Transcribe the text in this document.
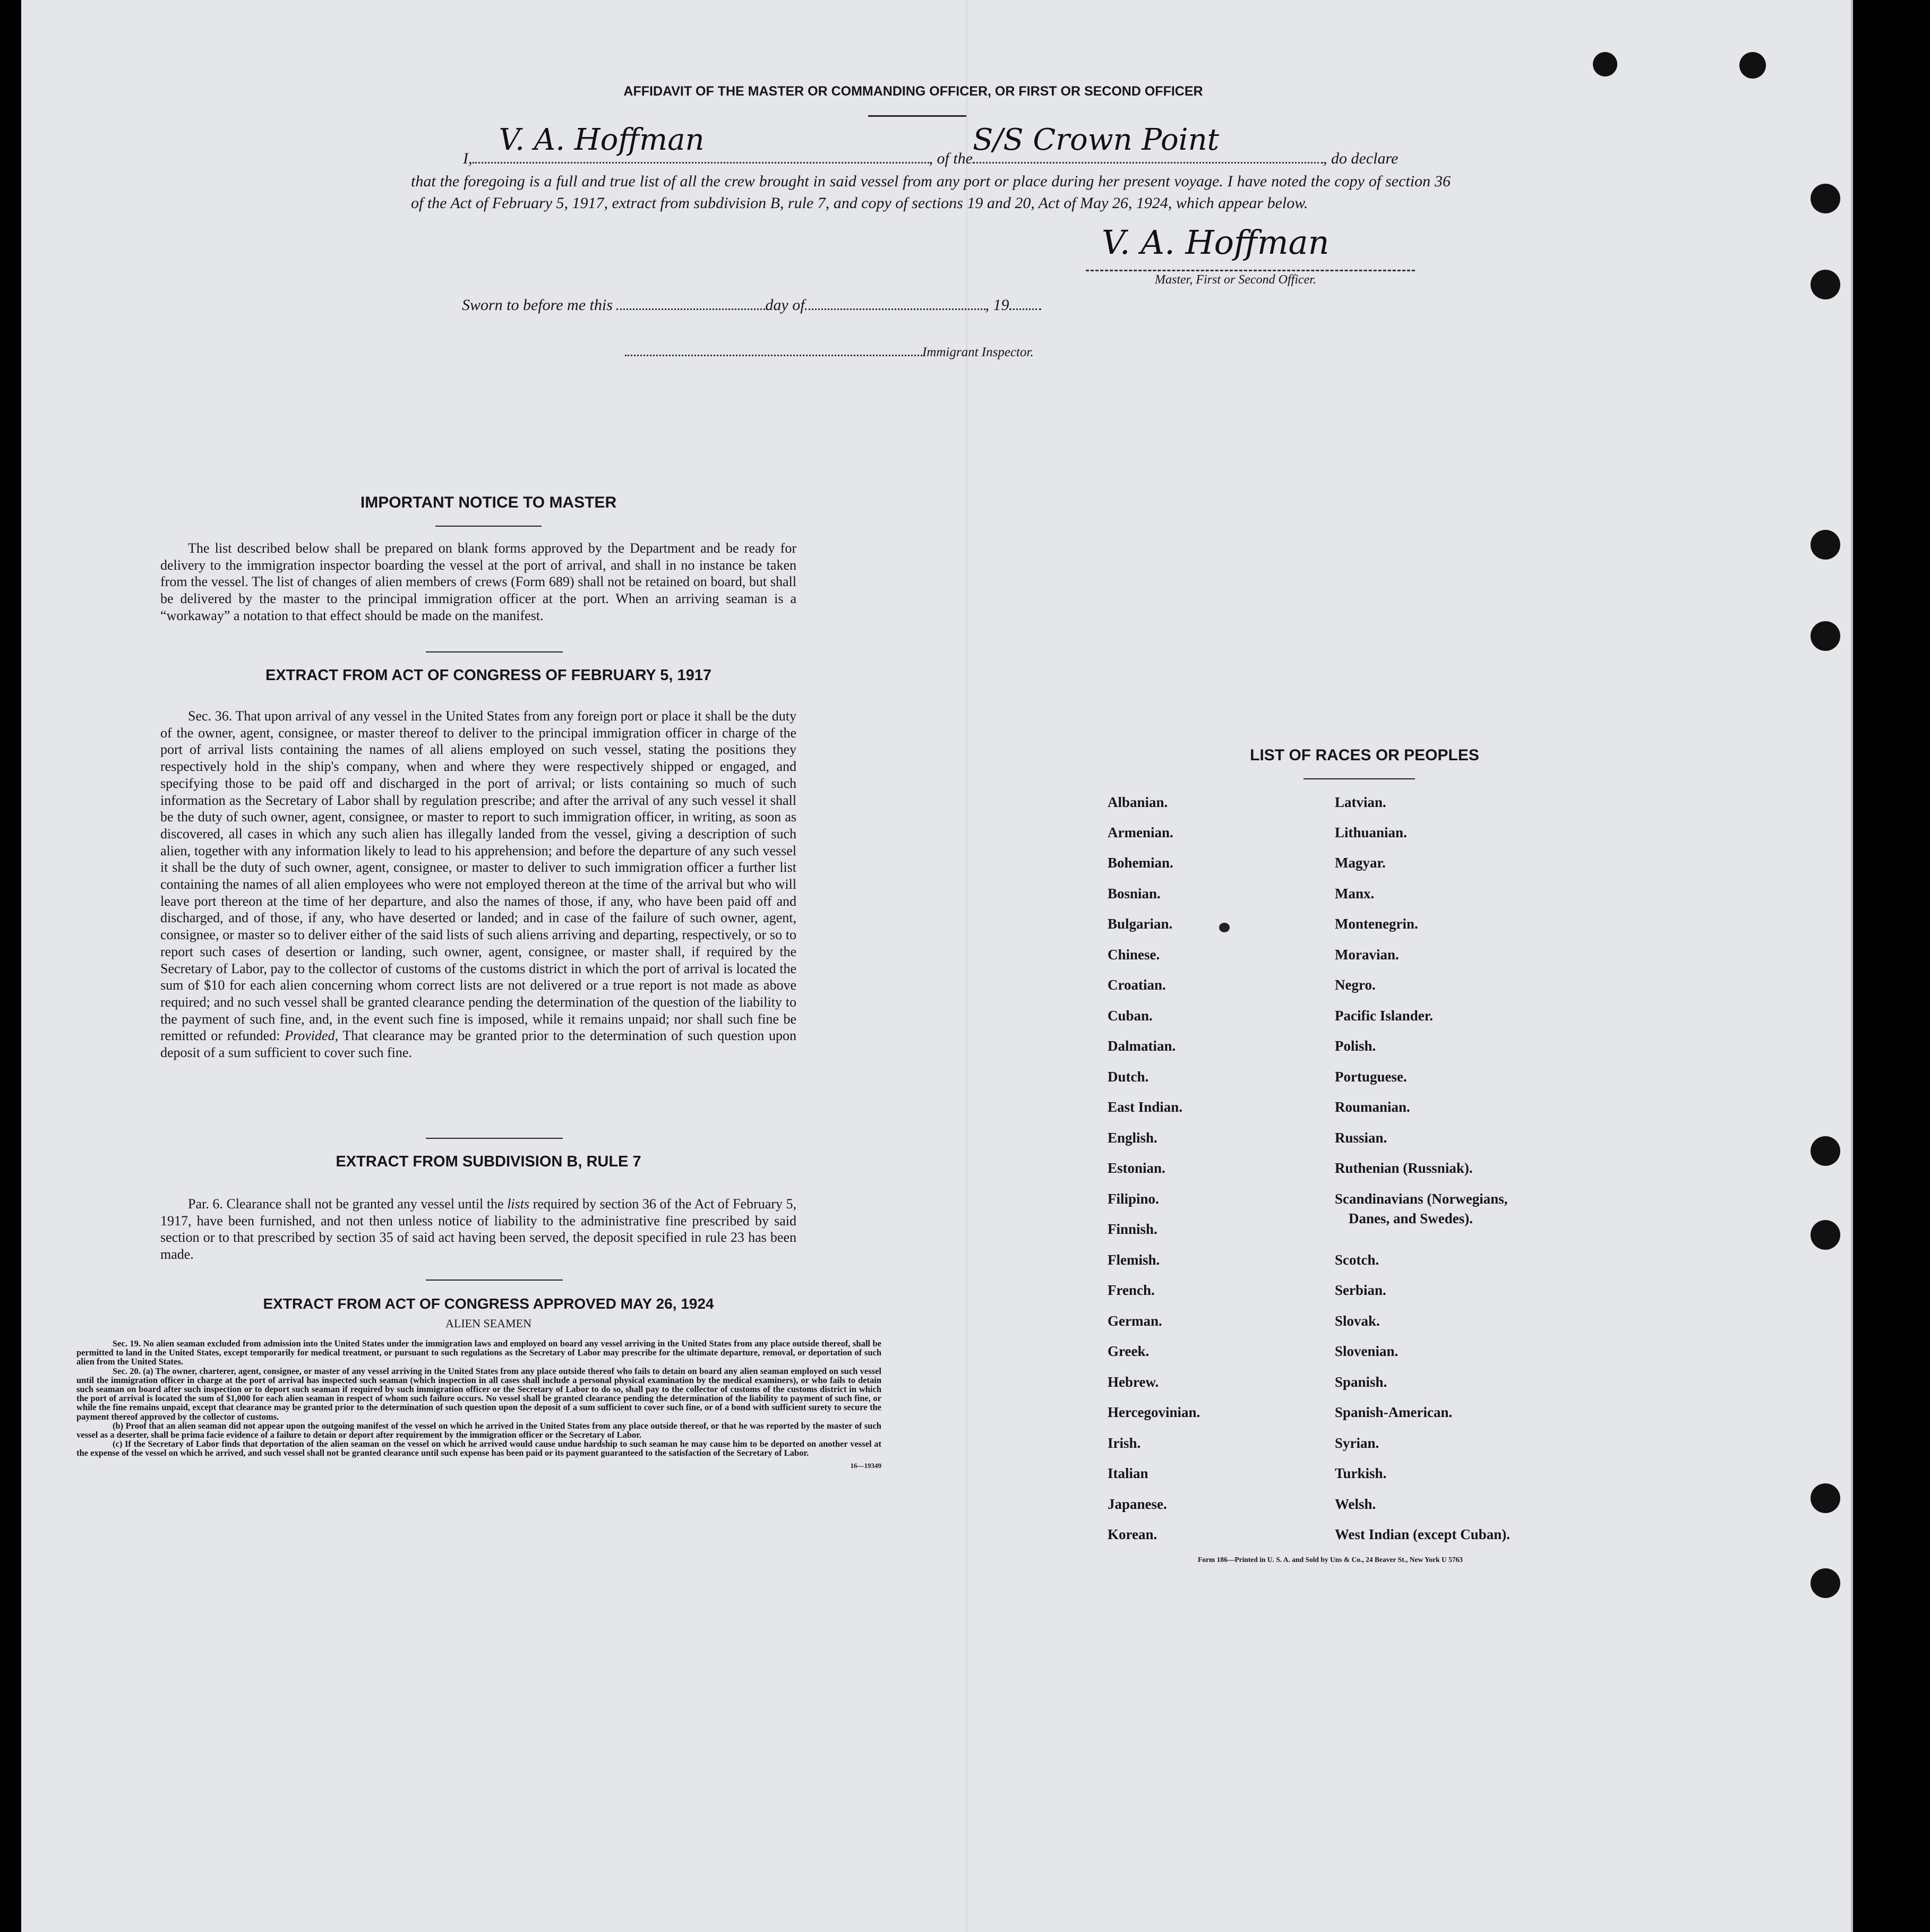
AFFIDAVIT OF THE MASTER OR COMMANDING OFFICER, OR FIRST OR SECOND OFFICER
I,
V. A. Hoffman
, of the
S/S Crown Point
, do declare
that the foregoing is a full and true list of all the crew brought in said vessel from any port or place during her present voyage. I have noted the copy of section 36 of the Act of February 5, 1917, extract from subdivision B, rule 7, and copy of sections 19 and 20, Act of May 26, 1924, which appear below.
V. A. Hoffman
Master, First or Second Officer.
Sworn to before me this	day of	, 19
Immigrant Inspector.
IMPORTANT NOTICE TO MASTER
The list described below shall be prepared on blank forms approved by the Department and be ready for delivery to the immigration inspector boarding the vessel at the port of arrival, and shall in no instance be taken from the vessel. The list of changes of alien members of crews (Form 689) shall not be retained on board, but shall be delivered by the master to the principal immigration officer at the port. When an arriving seaman is a “workaway” a notation to that effect should be made on the manifest.
EXTRACT FROM ACT OF CONGRESS OF FEBRUARY 5, 1917
Sec. 36. That upon arrival of any vessel in the United States from any foreign port or place it shall be the duty of the owner, agent, consignee, or master thereof to deliver to the principal immigration officer in charge of the port of arrival lists containing the names of all aliens employed on such vessel, stating the positions they respectively hold in the ship's company, when and where they were respectively shipped or engaged, and specifying those to be paid off and discharged in the port of arrival; or lists containing so much of such information as the Secretary of Labor shall by regulation prescribe; and after the arrival of any such vessel it shall be the duty of such owner, agent, consignee, or master to report to such immigration officer, in writing, as soon as discovered, all cases in which any such alien has illegally landed from the vessel, giving a description of such alien, together with any information likely to lead to his apprehension; and before the departure of any such vessel it shall be the duty of such owner, agent, consignee, or master to deliver to such immigration officer a further list containing the names of all alien employees who were not employed thereon at the time of the arrival but who will leave port thereon at the time of her departure, and also the names of those, if any, who have been paid off and discharged, and of those, if any, who have deserted or landed; and in case of the failure of such owner, agent, consignee, or master so to deliver either of the said lists of such aliens arriving and departing, respectively, or so to report such cases of desertion or landing, such owner, agent, consignee, or master shall, if required by the Secretary of Labor, pay to the collector of customs of the customs district in which the port of arrival is located the sum of $10 for each alien concerning whom correct lists are not delivered or a true report is not made as above required; and no such vessel shall be granted clearance pending the determination of the question of the liability to the payment of such fine, and, in the event such fine is imposed, while it remains unpaid; nor shall such fine be remitted or refunded: Provided, That clearance may be granted prior to the determination of such question upon deposit of a sum sufficient to cover such fine.
EXTRACT FROM SUBDIVISION B, RULE 7
Par. 6. Clearance shall not be granted any vessel until the lists required by section 36 of the Act of February 5, 1917, have been furnished, and not then unless notice of liability to the administrative fine prescribed by said section or to that prescribed by section 35 of said act having been served, the deposit specified in rule 23 has been made.
EXTRACT FROM ACT OF CONGRESS APPROVED MAY 26, 1924
ALIEN SEAMEN
Sec. 19. No alien seaman excluded from admission into the United States under the immigration laws and employed on board any vessel arriving in the United States from any place outside thereof, shall be permitted to land in the United States, except temporarily for medical treatment, or pursuant to such regulations as the Secretary of Labor may prescribe for the ultimate departure, removal, or deportation of such alien from the United States.
Sec. 20. (a) The owner, charterer, agent, consignee, or master of any vessel arriving in the United States from any place outside thereof who fails to detain on board any alien seaman employed on such vessel until the immigration officer in charge at the port of arrival has inspected such seaman (which inspection in all cases shall include a personal physical examination by the medical examiners), or who fails to detain such seaman on board after such inspection or to deport such seaman if required by such immigration officer or the Secretary of Labor to do so, shall pay to the collector of customs of the customs district in which the port of arrival is located the sum of $1,000 for each alien seaman in respect of whom such failure occurs. No vessel shall be granted clearance pending the determination of the liability to payment of such fine, or while the fine remains unpaid, except that clearance may be granted prior to the determination of such question upon the deposit of a sum sufficient to cover such fine, or of a bond with sufficient surety to secure the payment thereof approved by the collector of customs.
(b) Proof that an alien seaman did not appear upon the outgoing manifest of the vessel on which he arrived in the United States from any place outside thereof, or that he was reported by the master of such vessel as a deserter, shall be prima facie evidence of a failure to detain or deport after requirement by the immigration officer or the Secretary of Labor.
(c) If the Secretary of Labor finds that deportation of the alien seaman on the vessel on which he arrived would cause undue hardship to such seaman he may cause him to be deported on another vessel at the expense of the vessel on which he arrived, and such vessel shall not be granted clearance until such expense has been paid or its payment guaranteed to the satisfaction of the Secretary of Labor.
16—19349
LIST OF RACES OR PEOPLES
Albanian.
Armenian.
Bohemian.
Bosnian.
Bulgarian.
Chinese.
Croatian.
Cuban.
Dalmatian.
Dutch.
East Indian.
English.
Estonian.
Filipino.
Finnish.
Flemish.
French.
German.
Greek.
Hebrew.
Hercegovinian.
Irish.
Italian
Japanese.
Korean.
Latvian.
Lithuanian.
Magyar.
Manx.
Montenegrin.
Moravian.
Negro.
Pacific Islander.
Polish.
Portuguese.
Roumanian.
Russian.
Ruthenian (Russniak).
Scandinavians (Norwegians,
Danes, and Swedes).
Scotch.
Serbian.
Slovak.
Slovenian.
Spanish.
Spanish-American.
Syrian.
Turkish.
Welsh.
West Indian (except Cuban).
Form 186—Printed in U. S. A. and Sold by Uns & Co., 24 Beaver St., New York U 5763
